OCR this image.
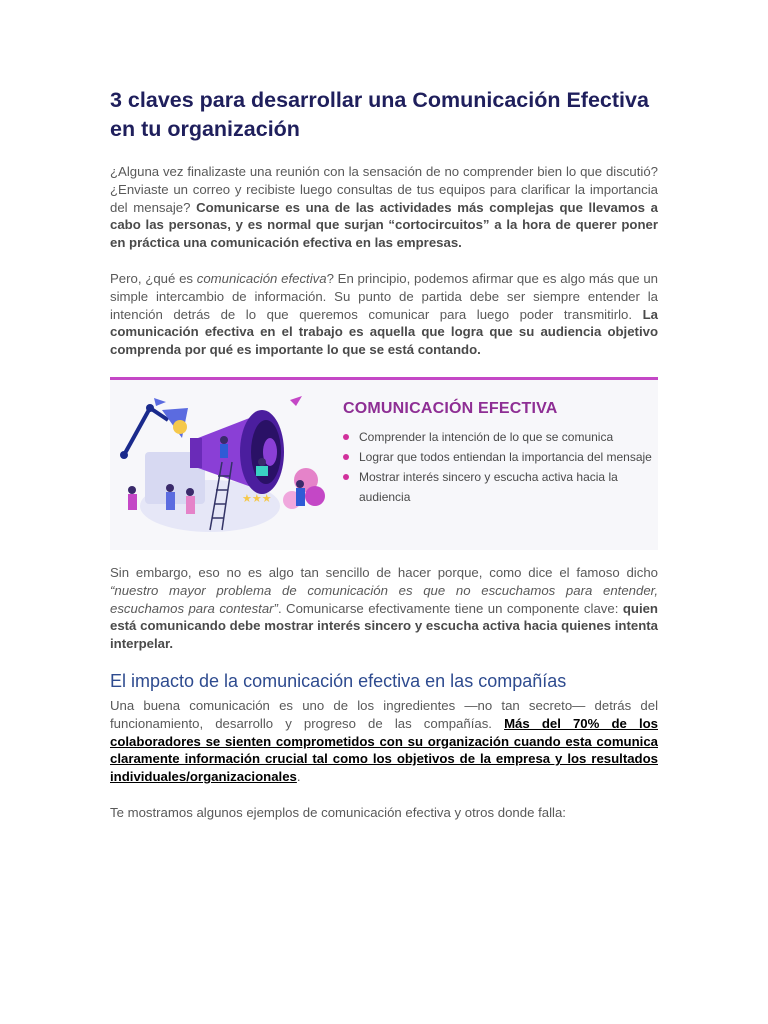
3 claves para desarrollar una Comunicación Efectiva en tu organización

¿Alguna vez finalizaste una reunión con la sensación de no comprender bien lo que discutió? ¿Enviaste un correo y recibiste luego consultas de tus equipos para clarificar la importancia del mensaje? Comunicarse es una de las actividades más complejas que llevamos a cabo las personas, y es normal que surjan “cortocircuitos” a la hora de querer poner en práctica una comunicación efectiva en las empresas.

Pero, ¿qué es comunicación efectiva? En principio, podemos afirmar que es algo más que un simple intercambio de información. Su punto de partida debe ser siempre entender la intención detrás de lo que queremos comunicar para luego poder transmitirlo. La comunicación efectiva en el trabajo es aquella que logra que su audiencia objetivo comprenda por qué es importante lo que se está contando.

★★★
COMUNICACIÓN EFECTIVA
Comprender la intención de lo que se comunica
Lograr que todos entiendan la importancia del mensaje
Mostrar interés sincero y escucha activa hacia la audiencia

Sin embargo, eso no es algo tan sencillo de hacer porque, como dice el famoso dicho “nuestro mayor problema de comunicación es que no escuchamos para entender, escuchamos para contestar”. Comunicarse efectivamente tiene un componente clave: quien está comunicando debe mostrar interés sincero y escucha activa hacia quienes intenta interpelar.

El impacto de la comunicación efectiva en las compañías

Una buena comunicación es uno de los ingredientes —no tan secreto— detrás del funcionamiento, desarrollo y progreso de las compañías. Más del 70% de los colaboradores se sienten comprometidos con su organización cuando esta comunica claramente información crucial tal como los objetivos de la empresa y los resultados individuales/organizacionales.

Te mostramos algunos ejemplos de comunicación efectiva y otros donde falla:
